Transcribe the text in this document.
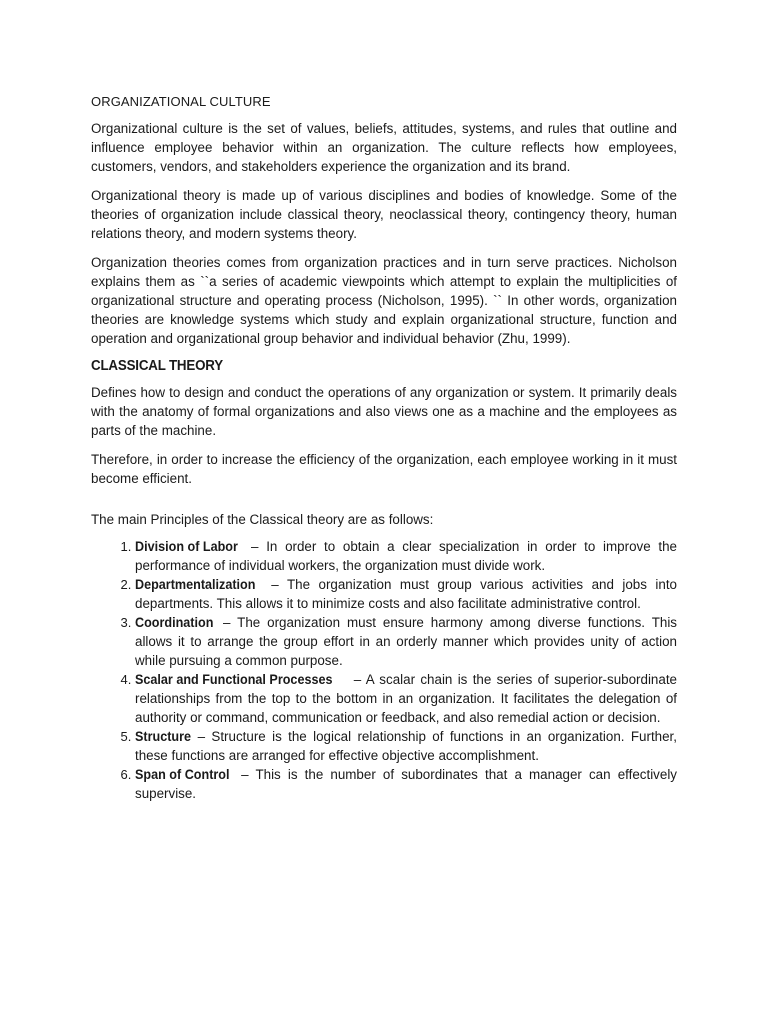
ORGANIZATIONAL CULTURE

Organizational culture is the set of values, beliefs, attitudes, systems, and rules that outline and influence employee behavior within an organization. The culture reflects how employees, customers, vendors, and stakeholders experience the organization and its brand.

Organizational theory is made up of various disciplines and bodies of knowledge. Some of the theories of organization include classical theory, neoclassical theory, contingency theory, human relations theory, and modern systems theory.

Organization theories comes from organization practices and in turn serve practices. Nicholson explains them as ``a series of academic viewpoints which attempt to explain the multiplicities of organizational structure and operating process (Nicholson, 1995). `` In other words, organization theories are knowledge systems which study and explain organizational structure, function and operation and organizational group behavior and individual behavior (Zhu, 1999).

CLASSICAL THEORY

Defines how to design and conduct the operations of any organization or system. It primarily deals with the anatomy of formal organizations and also views one as a machine and the employees as parts of the machine.

Therefore, in order to increase the efficiency of the organization, each employee working in it must become efficient.

The main Principles of the Classical theory are as follows:

1. Division of Labor – In order to obtain a clear specialization in order to improve the performance of individual workers, the organization must divide work.
2. Departmentalization – The organization must group various activities and jobs into departments. This allows it to minimize costs and also facilitate administrative control.
3. Coordination – The organization must ensure harmony among diverse functions. This allows it to arrange the group effort in an orderly manner which provides unity of action while pursuing a common purpose.
4. Scalar and Functional Processes – A scalar chain is the series of superior-subordinate relationships from the top to the bottom in an organization. It facilitates the delegation of authority or command, communication or feedback, and also remedial action or decision.
5. Structure – Structure is the logical relationship of functions in an organization. Further, these functions are arranged for effective objective accomplishment.
6. Span of Control – This is the number of subordinates that a manager can effectively supervise.
